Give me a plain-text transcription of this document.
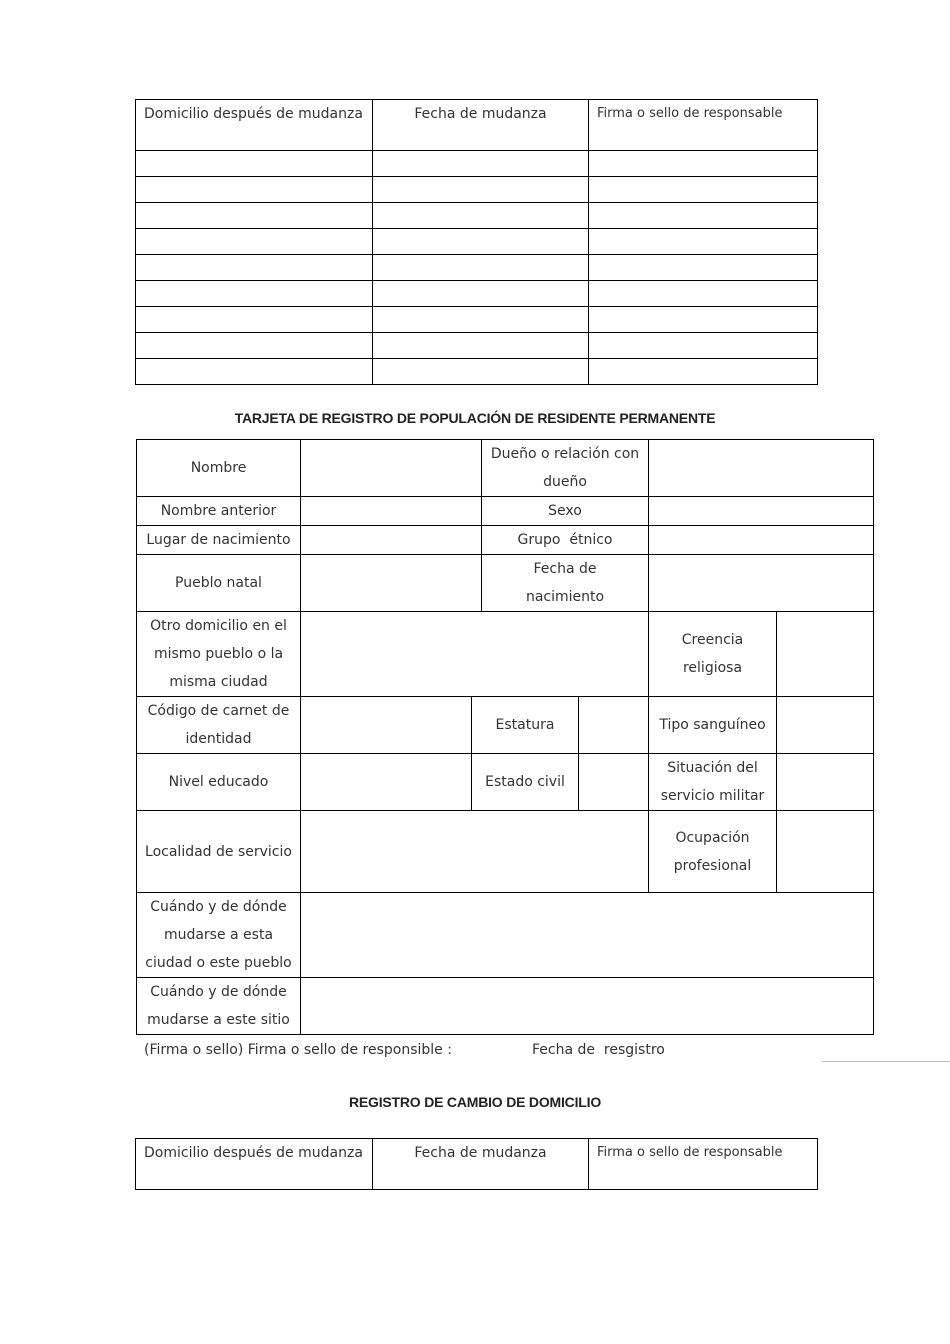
Domicilio después de mudanza	Fecha de mudanza	Firma o sello de responsable

TARJETA DE REGISTRO DE POPULACIÓN DE RESIDENTE PERMANENTE
Nombre			Dueño o relación con dueño			
Nombre anterior			Sexo			
Lugar de nacimiento			Grupo  étnico			
Pueblo natal			Fecha de nacimiento			
Otro domicilio en el mismo pueblo o la misma ciudad					Creencia religiosa	
Código de carnet de identidad		Estatura			Tipo sanguíneo	
Nivel educado		Estado civil			Situación del servicio militar	
Localidad de servicio					Ocupación profesional	
Cuándo y de dónde mudarse a esta ciudad o este pueblo						
Cuándo y de dónde mudarse a este sitio						
(Firma o sello) Firma o sello de responsible :	Fecha de  resgistro
REGISTRO DE CAMBIO DE DOMICILIO
Domicilio después de mudanza	Fecha de mudanza	Firma o sello de responsable
